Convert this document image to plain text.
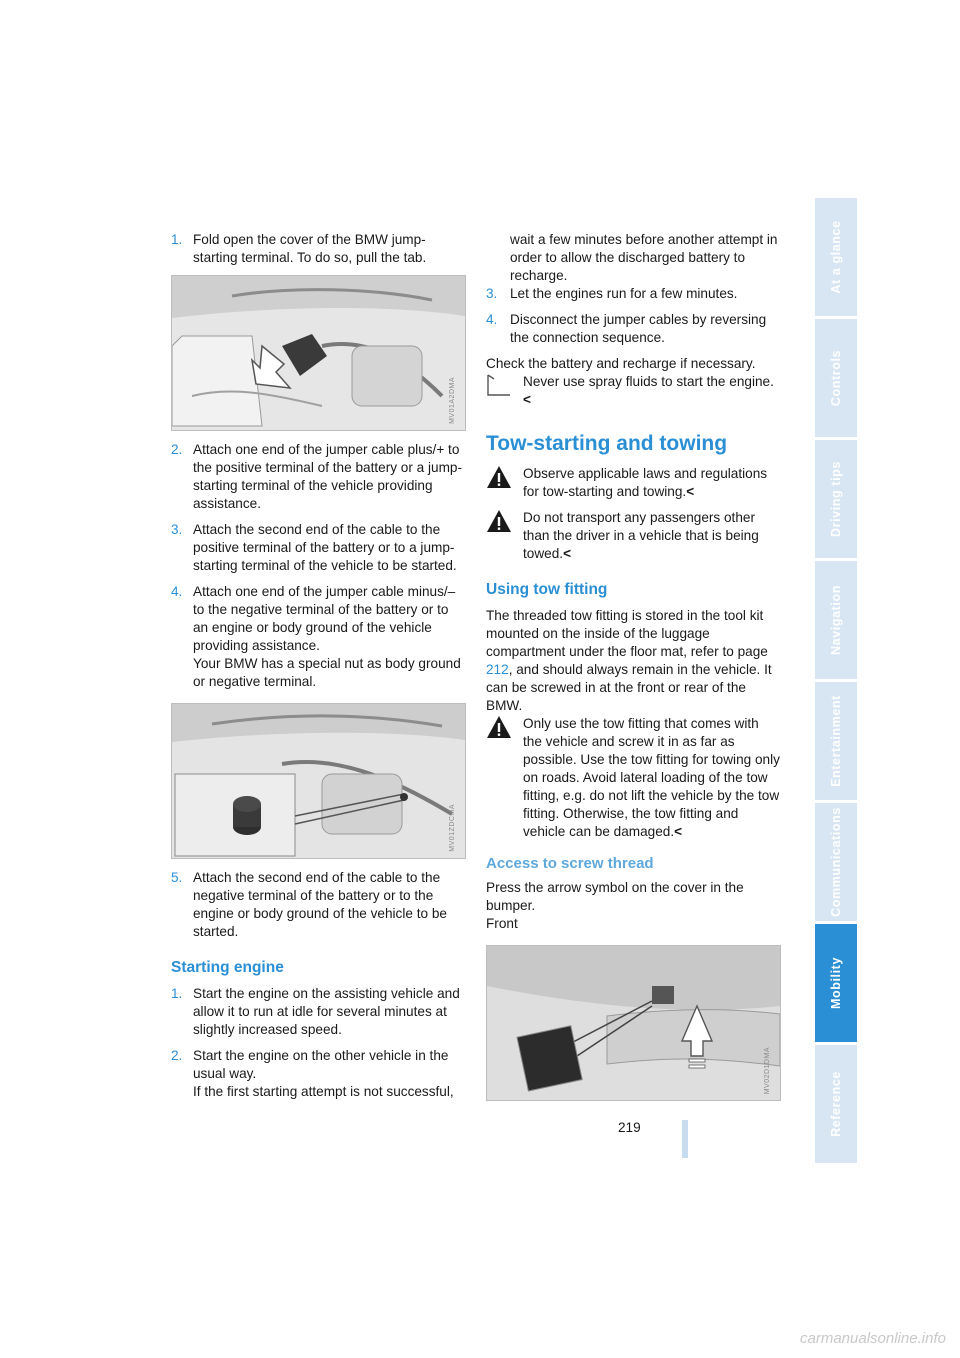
1. Fold open the cover of the BMW jump-starting terminal. To do so, pull the tab.

MV01A2DMA
2. Attach one end of the jumper cable plus/+ to the positive terminal of the battery or a jump-starting terminal of the vehicle providing assistance.

3. Attach the second end of the cable to the positive terminal of the battery or to a jump-starting terminal of the vehicle to be started.

4. Attach one end of the jumper cable minus/– to the negative terminal of the battery or to an engine or body ground of the vehicle providing assistance.

Your BMW has a special nut as body ground or negative terminal.

MV01ZDCMA
5. Attach the second end of the cable to the negative terminal of the battery or to the engine or body ground of the vehicle to be started.

Starting engine
1. Start the engine on the assisting vehicle and allow it to run at idle for several minutes at slightly increased speed.

2. Start the engine on the other vehicle in the usual way.

If the first starting attempt is not successful,

wait a few minutes before another attempt in order to allow the discharged battery to recharge.

3. Let the engines run for a few minutes.

4. Disconnect the jumper cables by reversing the connection sequence.

Check the battery and recharge if necessary.

Never use spray fluids to start the engine.<

Tow-starting and towing

Observe applicable laws and regulations for tow-starting and towing.<

Do not transport any passengers other than the driver in a vehicle that is being towed.<

Using tow fitting

The threaded tow fitting is stored in the tool kit mounted on the inside of the luggage compartment under the floor mat, refer to page 212, and should always remain in the vehicle. It can be screwed in at the front or rear of the BMW.

Only use the tow fitting that comes with the vehicle and screw it in as far as possible. Use the tow fitting for towing only on roads. Avoid lateral loading of the tow fitting, e.g. do not lift the vehicle by the tow fitting. Otherwise, the tow fitting and vehicle can be damaged.<

Access to screw thread

Press the arrow symbol on the cover in the bumper.

Front

MV02D1DMA
At a glance
Controls
Driving tips
Navigation
Entertainment
Communications
Mobility
Reference
219
carmanualsonline.info
